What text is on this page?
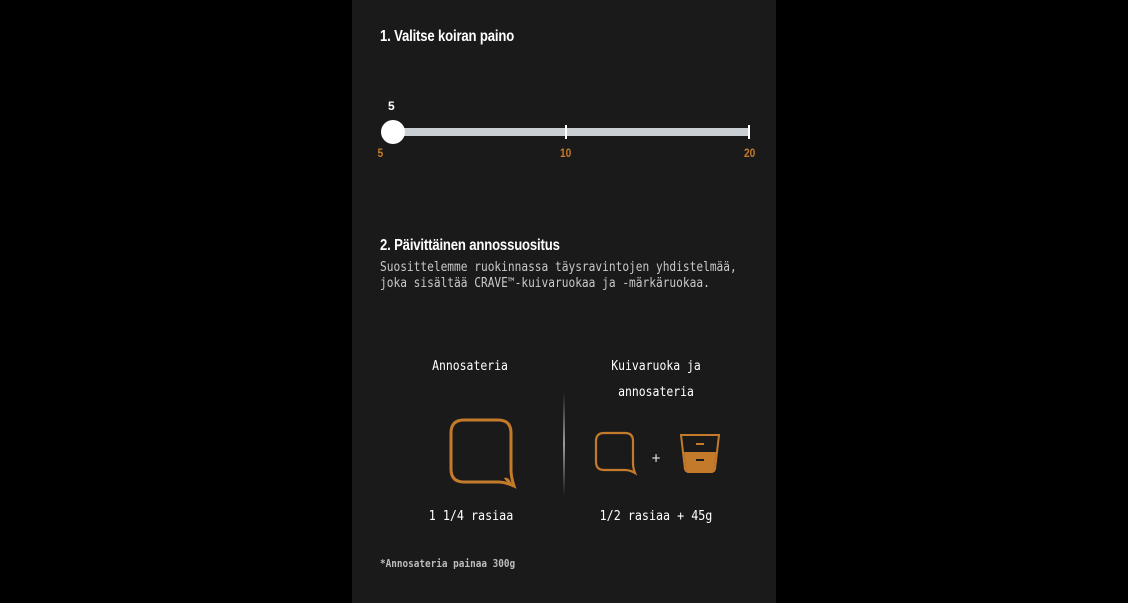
1. Valitse koiran paino
5
5	10	20
2. Päivittäinen annossuositus
Suosittelemme ruokinnassa täysravintojen yhdistelmää, joka sisältää CRAVE™-kuivaruokaa ja -märkäruokaa.
Annosateria
1 1/4 rasiaa
Kuivaruoka ja
annosateria
+
1/2 rasiaa + 45g
*Annosateria painaa 300g
